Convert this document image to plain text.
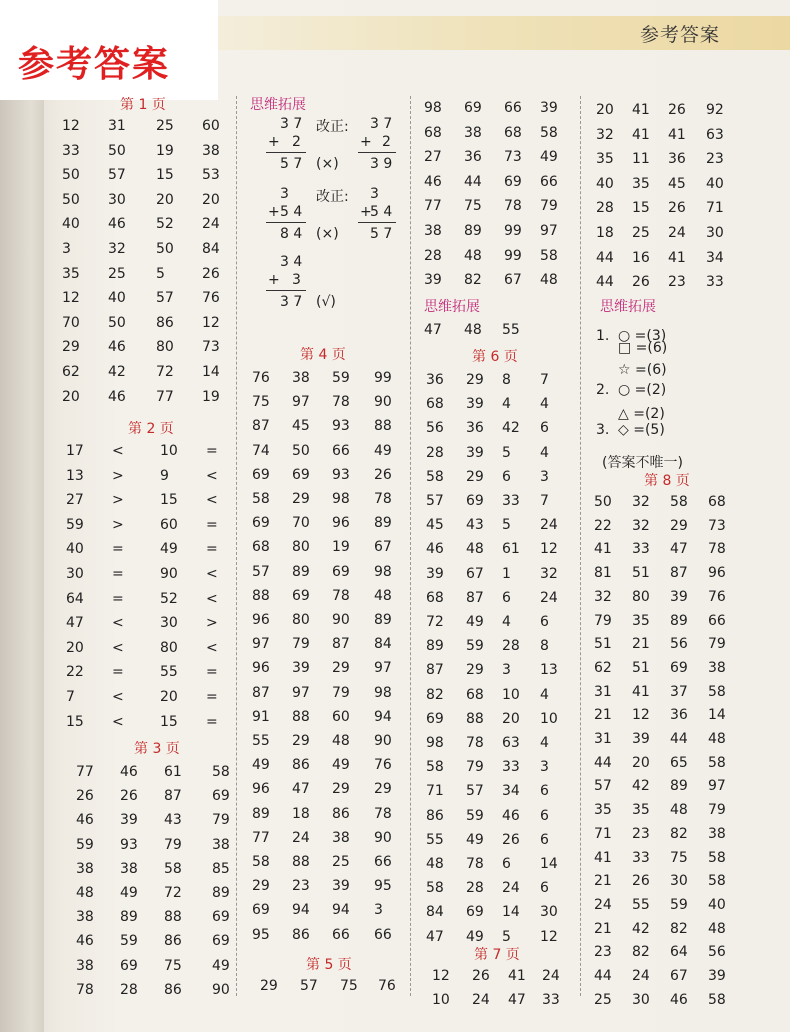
参考答案
参考答案
第 1 页
12 31 25 60
33 50 19 38
50 57 15 53
50 30 20 20
40 46 52 24
3	32 50 84
35 25 5	26
12 40 57 76
70 50 86 12
29 46 80 73
62 42 72 14
20 46 77 19
第 2 页
17 <	10 =
13 >	9	<
27 >	15 <
59 >	60 =
40 =	49 =
30 =	90 <
64 =	52 <
47 <	30 >
20 <	80 <
22 =	55 =
7	<	20 =
15 <	15 =
第 3 页
77 46 61 58
26 26 87 69
46 39 43 79
59 93 79 38
38 38 58 85
48 49 72 89
38 89 88 69
46 59 86 69
38 69 75 49
78 28 86 90
思维拓展
3 7
+ 2
5 7 (×)
改正: 3 7
+ 2
3 9
3
+ 5 4
8 4 (×)
改正: 3
+
5 4
5 7
3 4
+ 3
3 7 (√)
第 4 页
76 38 59 99
75 97 78 90
87 45 93 88
74 50 66 49
69 69 93 26
58 29 98 78
69 70 96 89
68 80 19 67
57 89 69 98
88 69 78 48
96 80 90 89
97 79 87 84
96 39 29 97
87 97 79 98
91 88 60 94
55 29 48 90
49 86 49 76
96 47 29 29
89 18 86 78
77 24 38 90
58 88 25 66
29 23 39 95
69 94 94 3
95 86 66 66
第 5 页
29 57 75 76
98 69 66 39
68 38 68 58
27 36 73 49
46 44 69 66
77 75 78 79
38 89 99 97
28 48 99 58
39 82 67 48
思维拓展
47 48 55
第 6 页
36 29 8 7
68 39 4 4
56 36 42 6
28 39 5 4
58 29 6 3
57 69 33 7
45 43 5 24
46 48 61 12
39 67 1 32
68 87 6 24
72 49 4 6
89 59 28 8
87 29 3 13
82 68 10 4
69 88 20 10
98 78 63 4
58 79 33 3
71 57 34 6
86 59 46 6
55 49 26 6
48 78 6 14
58 28 24 6
84 69 14 30
47 49 5 12
第 7 页
12 26 41 24
10 24 47 33
20 41 26 92
32 41 41 63
35 11 36 23
40 35 45 40
28 15 26 71
18 25 24 30
44 16 41 34
44 26 23 33
思维拓展
1. ○ =(3)
□ =(6)
☆ =(6)
2. ○ =(2)
△ =(2)
3. ◇ =(5)
(答案不唯一)
第 8 页
50 32 58 68
22 32 29 73
41 33 47 78
81 51 87 96
32 80 39 76
79 35 89 66
51 21 56 79
62 51 69 38
31 41 37 58
21 12 36 14
31 39 44 48
44 20 65 58
57 42 89 97
35 35 48 79
71 23 82 38
41 33 75 58
21 26 30 58
24 55 59 40
21 42 82 48
23 82 64 56
44 24 67 39
25 30 46 58
